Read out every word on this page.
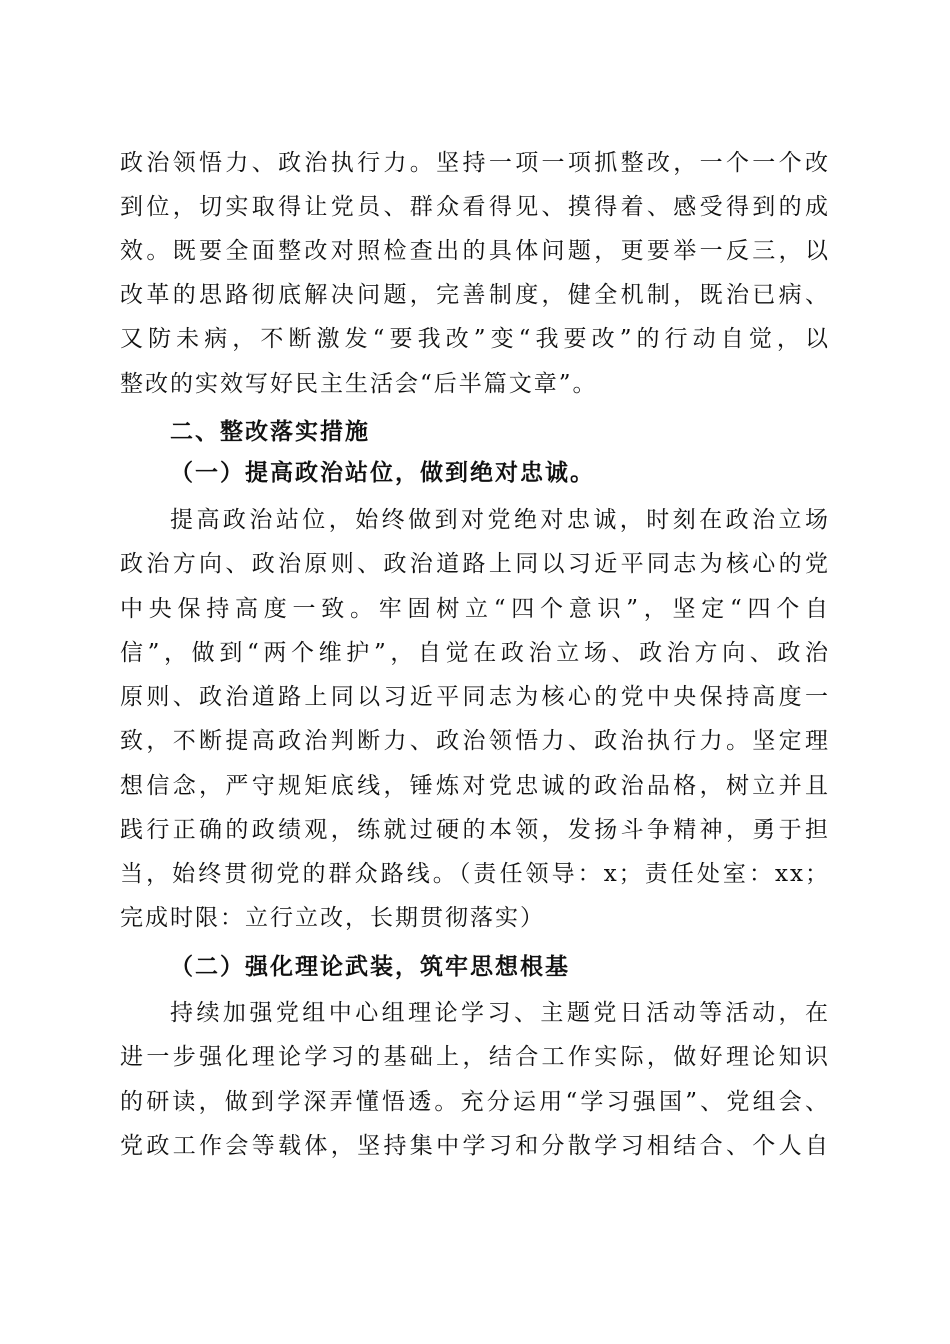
政治领悟力、政治执行力。坚持一项一项抓整改，一个一个改
到位，切实取得让党员、群众看得见、摸得着、感受得到的成
效。既要全面整改对照检查出的具体问题，更要举一反三，以
改革的思路彻底解决问题，完善制度，健全机制，既治已病、
又防未病，不断激发“要我改”变“我要改”的行动自觉，以
整改的实效写好民主生活会“后半篇文章”。
二、整改落实措施
（一）提高政治站位，做到绝对忠诚。
提高政治站位，始终做到对党绝对忠诚，时刻在政治立场
政治方向、政治原则、政治道路上同以习近平同志为核心的党
中央保持高度一致。牢固树立“四个意识”，坚定“四个自
信”，做到“两个维护”，自觉在政治立场、政治方向、政治
原则、政治道路上同以习近平同志为核心的党中央保持高度一
致，不断提高政治判断力、政治领悟力、政治执行力。坚定理
想信念，严守规矩底线，锤炼对党忠诚的政治品格，树立并且
践行正确的政绩观，练就过硬的本领，发扬斗争精神，勇于担
当，始终贯彻党的群众路线。（责任领导：x；责任处室：xx；
完成时限：立行立改，长期贯彻落实）
（二）强化理论武装，筑牢思想根基
持续加强党组中心组理论学习、主题党日活动等活动，在
进一步强化理论学习的基础上，结合工作实际，做好理论知识
的研读，做到学深弄懂悟透。充分运用“学习强国”、党组会、
党政工作会等载体，坚持集中学习和分散学习相结合、个人自
